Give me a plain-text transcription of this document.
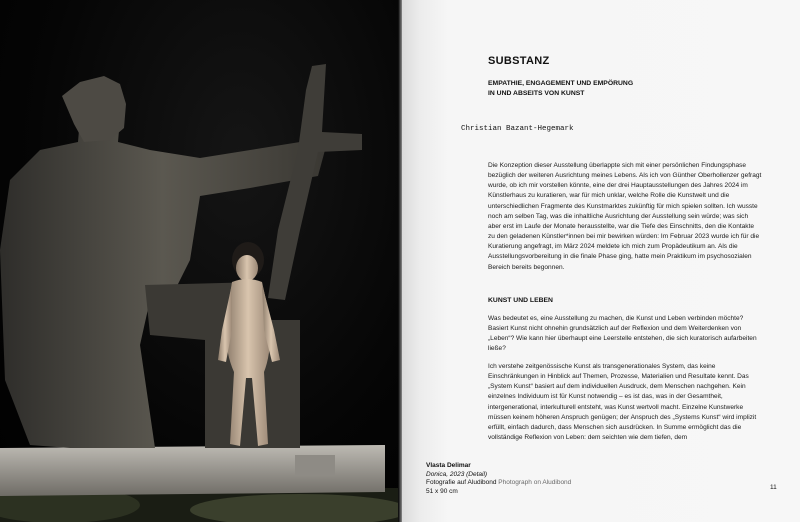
SUBSTANZ
EMPATHIE, ENGAGEMENT UND EMPÖRUNG
IN UND ABSEITS VON KUNST
Christian Bazant-Hegemark

Die Konzeption dieser Ausstellung überlappte sich mit einer persönlichen Findungsphase bezüglich der weiteren Ausrichtung meines Lebens. Als ich von Günther Oberhollenzer gefragt wurde, ob ich mir vorstellen könnte, eine der drei Hauptausstellungen des Jahres 2024 im Künstlerhaus zu kuratieren, war für mich unklar, welche Rolle die Kunstwelt und die unterschiedlichen Fragmente des Kunstmarktes zukünftig für mich spielen sollten. Ich wusste noch am selben Tag, was die inhaltliche Ausrichtung der Ausstellung sein würde; was sich aber erst im Laufe der Monate herausstellte, war die Tiefe des Einschnitts, den die Kontakte zu den geladenen Künstler*innen bei mir bewirken würden: Im Februar 2023 wurde ich für die Kuratierung angefragt, im März 2024 meldete ich mich zum Propädeutikum an. Als die Ausstellungsvorbereitung in die finale Phase ging, hatte mein Praktikum im psychosozialen Bereich bereits begonnen.

KUNST UND LEBEN

Was bedeutet es, eine Ausstellung zu machen, die Kunst und Leben verbinden möchte? Basiert Kunst nicht ohnehin grundsätzlich auf der Reflexion und dem Weiterdenken von „Leben“? Wie kann hier überhaupt eine Leerstelle entstehen, die sich kuratorisch aufarbeiten ließe?

Ich verstehe zeitgenössische Kunst als transgenerationales System, das keine Einschränkungen in Hinblick auf Themen, Prozesse, Materialien und Resultate kennt. Das „System Kunst“ basiert auf dem individuellen Ausdruck, dem Menschen nachgehen. Kein einzelnes Individuum ist für Kunst notwendig – es ist das, was in der Gesamtheit, intergenerational, interkulturell entsteht, was Kunst wertvoll macht. Einzelne Kunstwerke müssen keinem höheren Anspruch genügen; der Anspruch des „Systems Kunst“ wird implizit erfüllt, einfach dadurch, dass Menschen sich ausdrücken. In Summe ermöglicht das die vollständige Reflexion von Leben: dem seichten wie dem tiefen, dem

Vlasta Delimar
Donica, 2023 (Detail)
Fotografie auf Aludibond Photograph on Aludibond
51 x 90 cm
11
